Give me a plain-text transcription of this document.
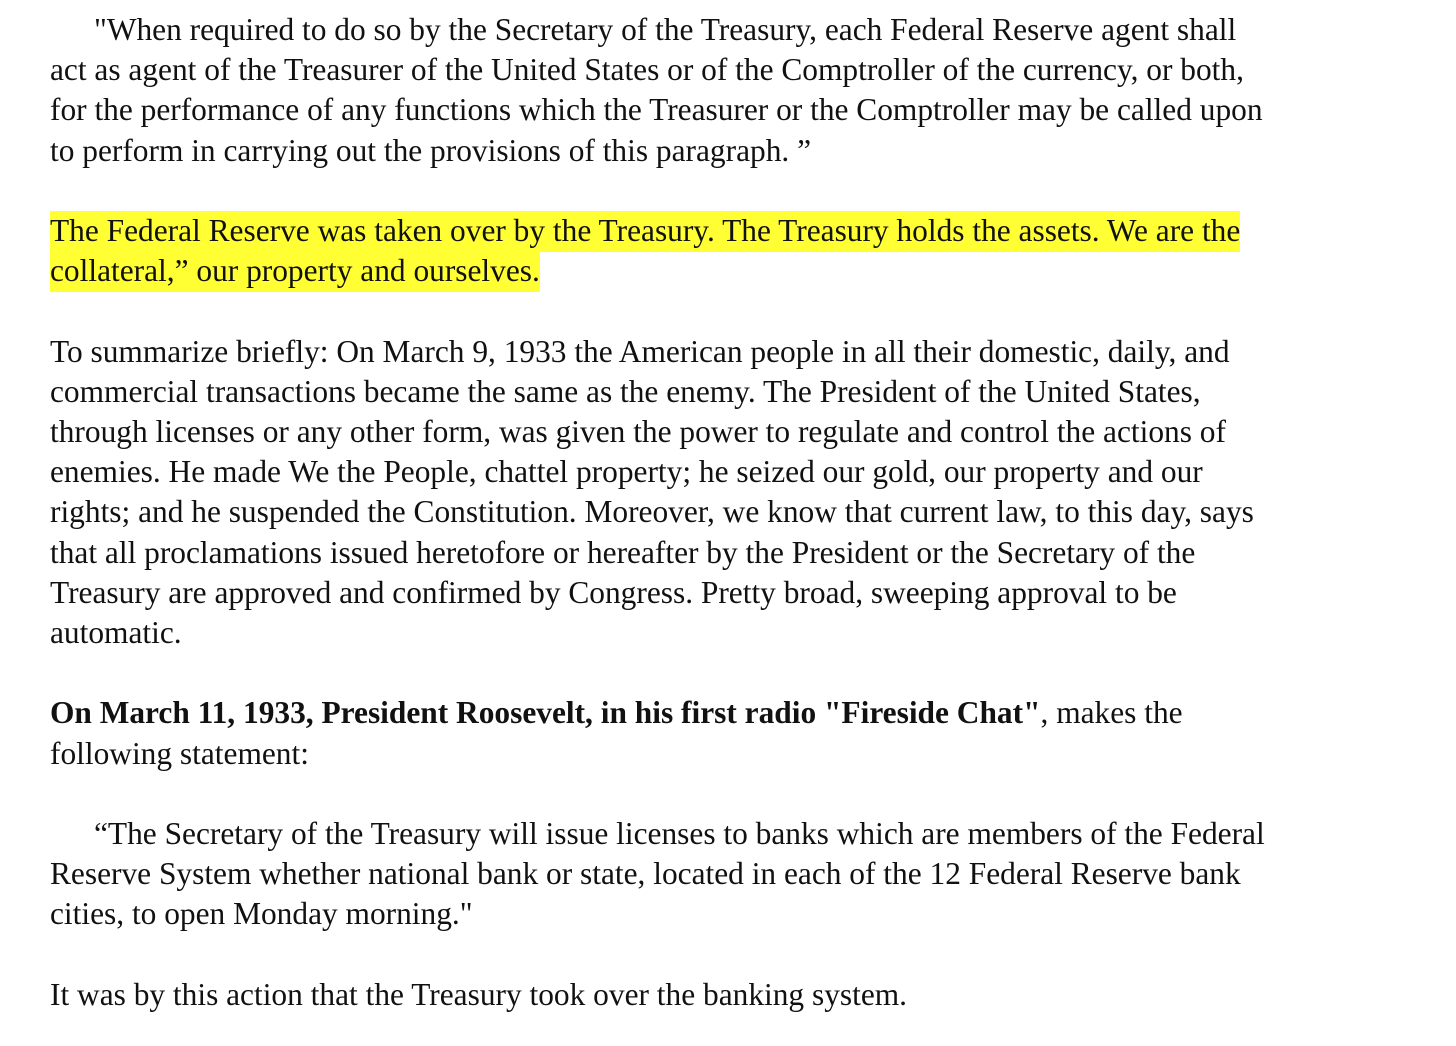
"When required to do so by the Secretary of the Treasury, each Federal Reserve agent shall
act as agent of the Treasurer of the United States or of the Comptroller of the currency, or both,
for the performance of any functions which the Treasurer or the Comptroller may be called upon
to perform in carrying out the provisions of this paragraph. ”
The Federal Reserve was taken over by the Treasury. The Treasury holds the assets. We are the
collateral,” our property and ourselves.
To summarize briefly: On March 9, 1933 the American people in all their domestic, daily, and
commercial transactions became the same as the enemy. The President of the United States,
through licenses or any other form, was given the power to regulate and control the actions of
enemies. He made We the People, chattel property; he seized our gold, our property and our
rights; and he suspended the Constitution. Moreover, we know that current law, to this day, says
that all proclamations issued heretofore or hereafter by the President or the Secretary of the
Treasury are approved and confirmed by Congress. Pretty broad, sweeping approval to be
automatic.
On March 11, 1933, President Roosevelt, in his first radio "Fireside Chat", makes the
following statement:
“The Secretary of the Treasury will issue licenses to banks which are members of the Federal
Reserve System whether national bank or state, located in each of the 12 Federal Reserve bank
cities, to open Monday morning."
It was by this action that the Treasury took over the banking system.
